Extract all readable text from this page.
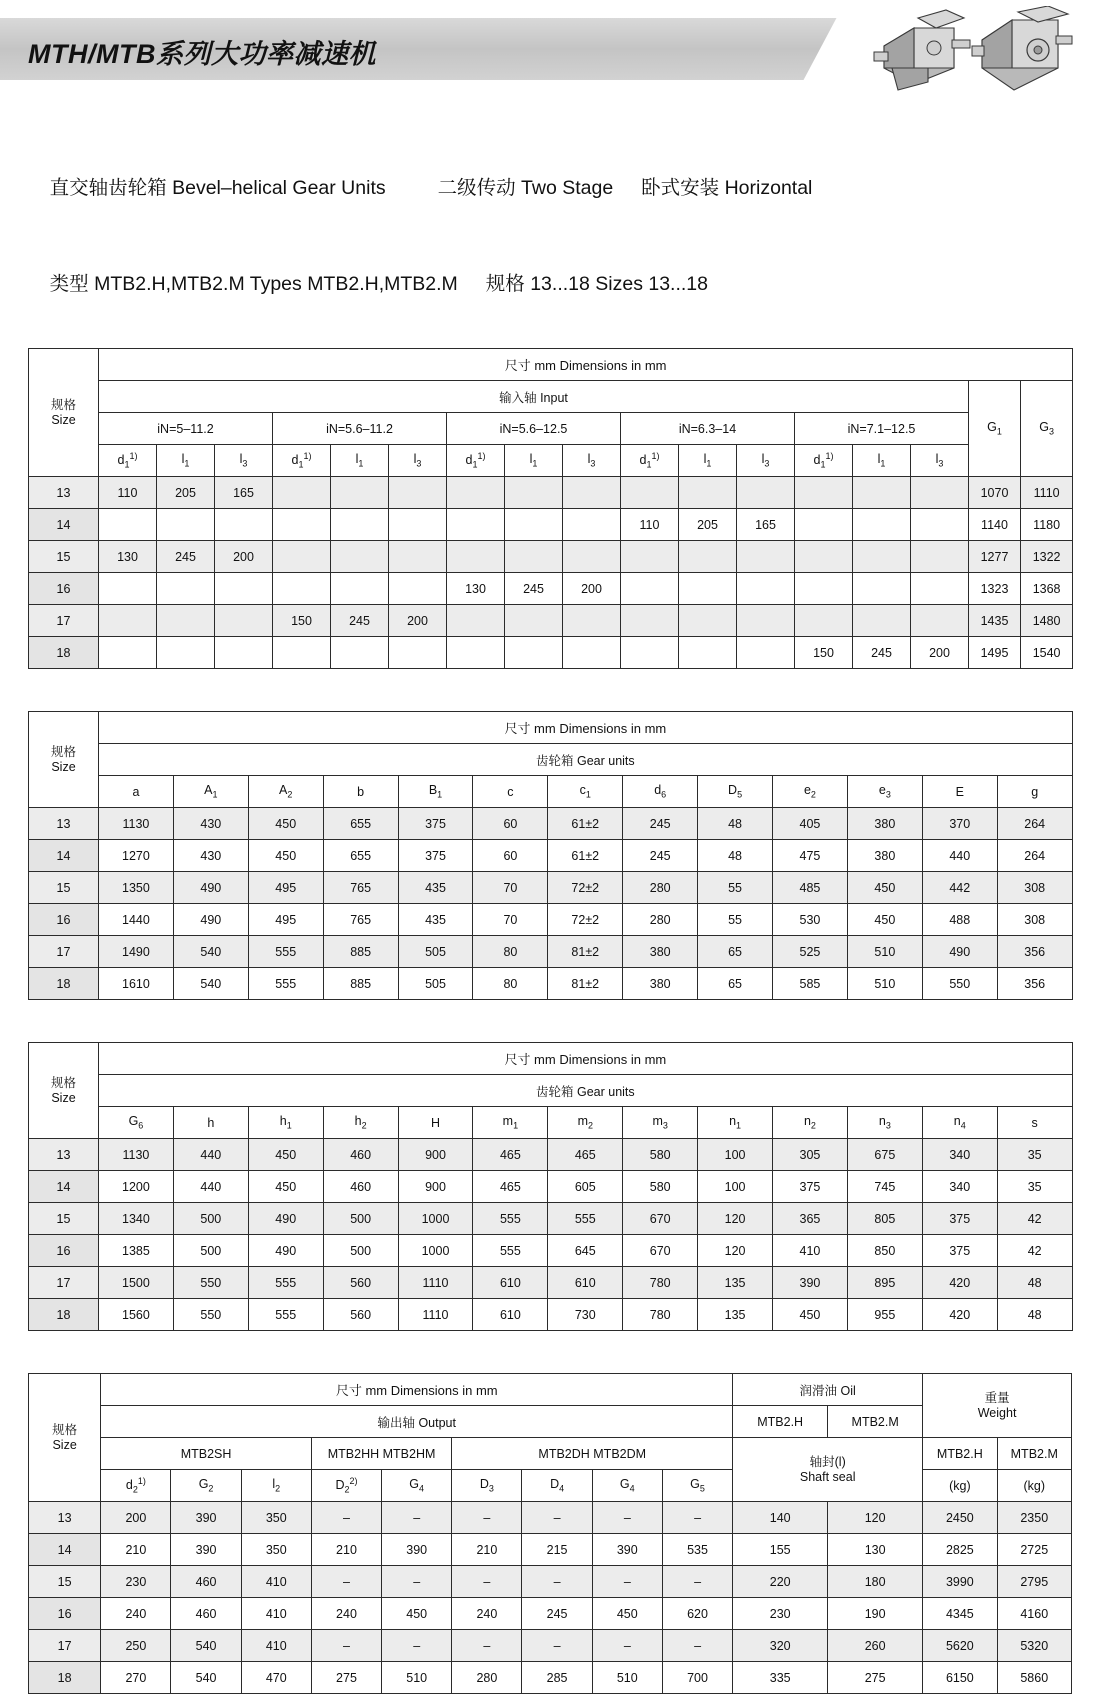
MTH/MTB系列大功率减速机

直交轴齿轮箱 Bevel–helical Gear Units	二级传动 Two Stage 卧式安装 Horizontal

类型 MTB2.H,MTB2.M Types MTB2.H,MTB2.M 规格 13...18 Sizes 13...18

规格
Size	尺寸 mm Dimensions in mm																
	输入轴 Input															$G_1$	$G_3$
	iN=5–11.2			iN=5.6–11.2			iN=5.6–12.5			iN=6.3–14			iN=7.1–12.5				
	$d_1^{1)}$	$l_1$	$l_3$	$d_1^{1)}$	$l_1$	$l_3$	$d_1^{1)}$	$l_1$	$l_3$	$d_1^{1)}$	$l_1$	$l_3$	$d_1^{1)}$	$l_1$	$l_3$
13	110	205	165													1070	1110
14										110	205	165				1140	1180
15	130	245	200													1277	1322
16							130	245	200							1323	1368
17				150	245	200										1435	1480
18													150	245	200	1495	1540
规格
Size	尺寸 mm Dimensions in mm												
	齿轮箱 Gear units												
	a	$A_1$	$A_2$	b	$B_1$	c	$c_1$	$d_6$	$D_5$	$e_2$	$e_3$	E	g
13	1130	430	450	655	375	60	61±2	245	48	405	380	370	264
14	1270	430	450	655	375	60	61±2	245	48	475	380	440	264
15	1350	490	495	765	435	70	72±2	280	55	485	450	442	308
16	1440	490	495	765	435	70	72±2	280	55	530	450	488	308
17	1490	540	555	885	505	80	81±2	380	65	525	510	490	356
18	1610	540	555	885	505	80	81±2	380	65	585	510	550	356
规格
Size	尺寸 mm Dimensions in mm												
	齿轮箱 Gear units												
	$G_6$	h	$h_1$	$h_2$	H	$m_1$	$m_2$	$m_3$	$n_1$	$n_2$	$n_3$	$n_4$	s
13	1130	440	450	460	900	465	465	580	100	305	675	340	35
14	1200	440	450	460	900	465	605	580	100	375	745	340	35
15	1340	500	490	500	1000	555	555	670	120	365	805	375	42
16	1385	500	490	500	1000	555	645	670	120	410	850	375	42
17	1500	550	555	560	1110	610	610	780	135	390	895	420	48
18	1560	550	555	560	1110	610	730	780	135	450	955	420	48
规格
Size	尺寸 mm Dimensions in mm									润滑油 Oil		重量
Weight	
	输出轴 Output									MTB2.H	MTB2.M		
	MTB2SH			MTB2HH MTB2HM		MTB2DH MTB2DM				轴封(l)
Shaft seal		MTB2.H	MTB2.M
	$d_2^{1)}$	$G_2$	$l_2$	$D_2^{2)}$	$G_4$	$D_3$	$D_4$	$G_4$	$G_5$			(kg)	(kg)
13	200	390	350	–	–	–	–	–	–	140	120	2450	2350
14	210	390	350	210	390	210	215	390	535	155	130	2825	2725
15	230	460	410	–	–	–	–	–	–	220	180	3990	2795
16	240	460	410	240	450	240	245	450	620	230	190	4345	4160
17	250	540	410	–	–	–	–	–	–	320	260	5620	5320
18	270	540	470	275	510	280	285	510	700	335	275	6150	5860
